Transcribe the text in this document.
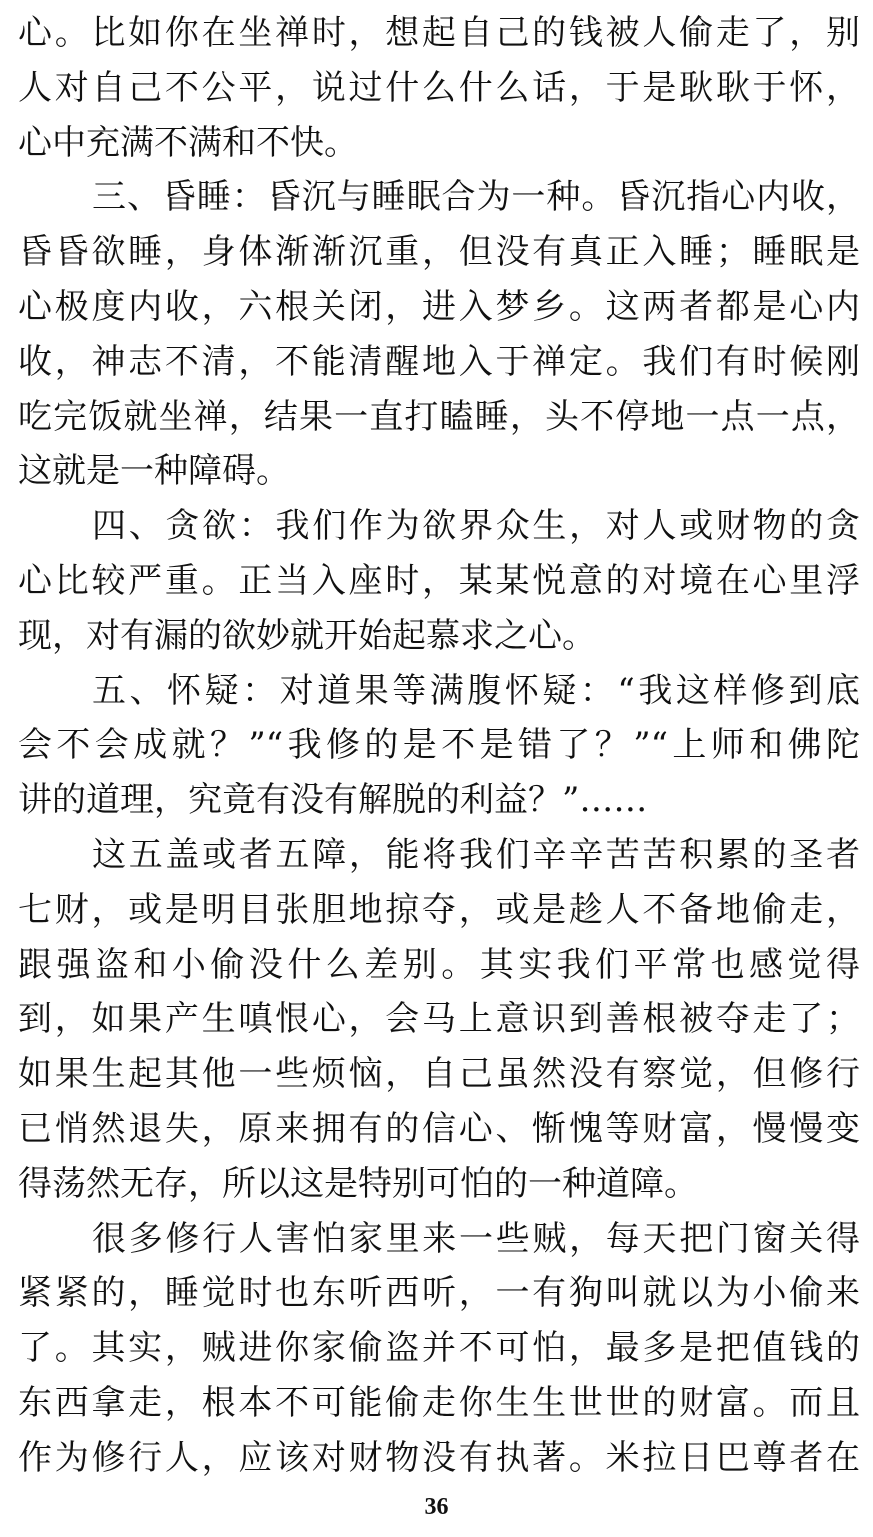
心。比如你在坐禅时，想起自己的钱被人偷走了，别
人对自己不公平，说过什么什么话，于是耿耿于怀，
心中充满不满和不快。
三、昏睡：昏沉与睡眠合为一种。昏沉指心内收，
昏昏欲睡，身体渐渐沉重，但没有真正入睡；睡眠是
心极度内收，六根关闭，进入梦乡。这两者都是心内
收，神志不清，不能清醒地入于禅定。我们有时候刚
吃完饭就坐禅，结果一直打瞌睡，头不停地一点一点，
这就是一种障碍。
四、贪欲：我们作为欲界众生，对人或财物的贪
心比较严重。正当入座时，某某悦意的对境在心里浮
现，对有漏的欲妙就开始起慕求之心。
五、怀疑：对道果等满腹怀疑：“我这样修到底
会不会成就？”“我修的是不是错了？”“上师和佛陀
讲的道理，究竟有没有解脱的利益？”……
这五盖或者五障，能将我们辛辛苦苦积累的圣者
七财，或是明目张胆地掠夺，或是趁人不备地偷走，
跟强盗和小偷没什么差别。其实我们平常也感觉得
到，如果产生嗔恨心，会马上意识到善根被夺走了；
如果生起其他一些烦恼，自己虽然没有察觉，但修行
已悄然退失，原来拥有的信心、惭愧等财富，慢慢变
得荡然无存，所以这是特别可怕的一种道障。
很多修行人害怕家里来一些贼，每天把门窗关得
紧紧的，睡觉时也东听西听，一有狗叫就以为小偷来
了。其实，贼进你家偷盗并不可怕，最多是把值钱的
东西拿走，根本不可能偷走你生生世世的财富。而且
作为修行人，应该对财物没有执著。米拉日巴尊者在
36
